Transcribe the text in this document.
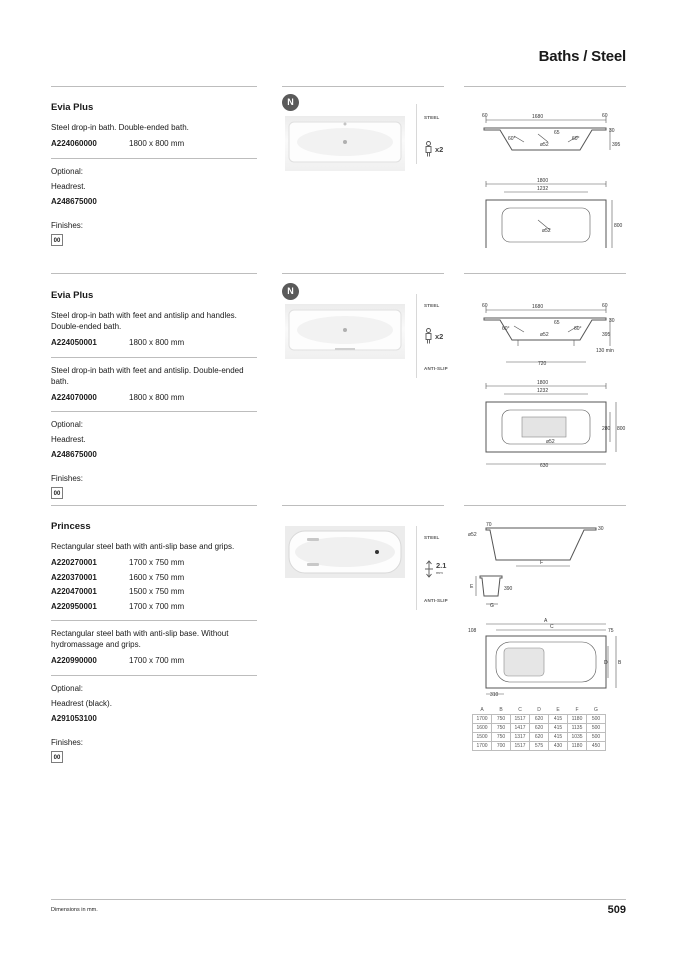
Baths / Steel
Evia Plus
Steel drop-in bath. Double-ended bath.
A224060000	1800 x 800 mm
Optional:
Headrest.
A248675000
Finishes:
00
N
STEEL
x2
60	1680	60
30
65
60°
ø52
60°
395
1800
1232
800
ø52
Evia Plus
Steel drop-in bath with feet and antislip and handles. Double-ended bath.
A224050001	1800 x 800 mm
Steel drop-in bath with feet and antislip. Double-ended bath.
A224070000	1800 x 800 mm
Optional:
Headrest.
A248675000
Finishes:
00
N
STEEL
x2
ANTI-SLIP
60	1680	60
30
65
60°
ø52
60°
395
130 min
720
1800
1232
280 800
ø52
630
Princess
Rectangular steel bath with anti-slip base and grips.
A220270001	1700 x 750 mm
A220370001	1600 x 750 mm
A220470001	1500 x 750 mm
A220950001	1700 x 700 mm
Rectangular steel bath with anti-slip base. Without hydromassage and grips.
A220990000	1700 x 700 mm
Optional:
Headrest (black).
A291053100
Finishes:
00
STEEL
2.1
mm
ANTI-SLIP
70
30
ø52
F
E	390
G
A
C
108	75
D B
310
A	B	C	D	E	F	G
1700	750	1517	620	415	1180	500
1600	750	1417	620	415	1135	500
1500	750	1317	620	415	1035	500
1700	700	1517	575	430	1180	450
Dimensions in mm.	509
